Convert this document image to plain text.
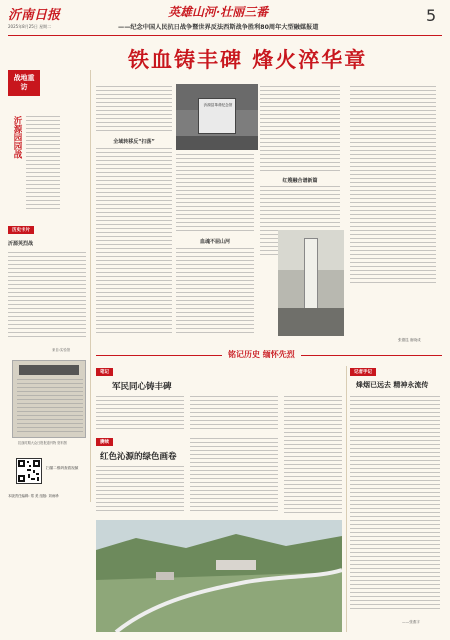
沂南日报
2025年8月25日 星期二
英雄山河·壮丽三番
——纪念中国人民抗日战争暨世界反法西斯战争胜利80周年大型融媒报道
5
铁血铸丰碑 烽火淬华章
战地重访
沂源园园战
历史卡片
沂源英烈战
来自:实验馆
抗战时期大众日报报道刊物 资料图
扫描二维码查看视频
本版责任编辑: 郑 美 组版: 刘雨珍
全域转移反“扫荡”
血魂不屈山河
沂源县革命纪念馆
红嫂融合谱新篇
张德昆 唐晓成
铭记历史 缅怀先烈
笔记
军民同心铸丰碑
赓续
红色沁源的绿色画卷
记者手记
烽烟已远去 精神永流传
——张燕宇
